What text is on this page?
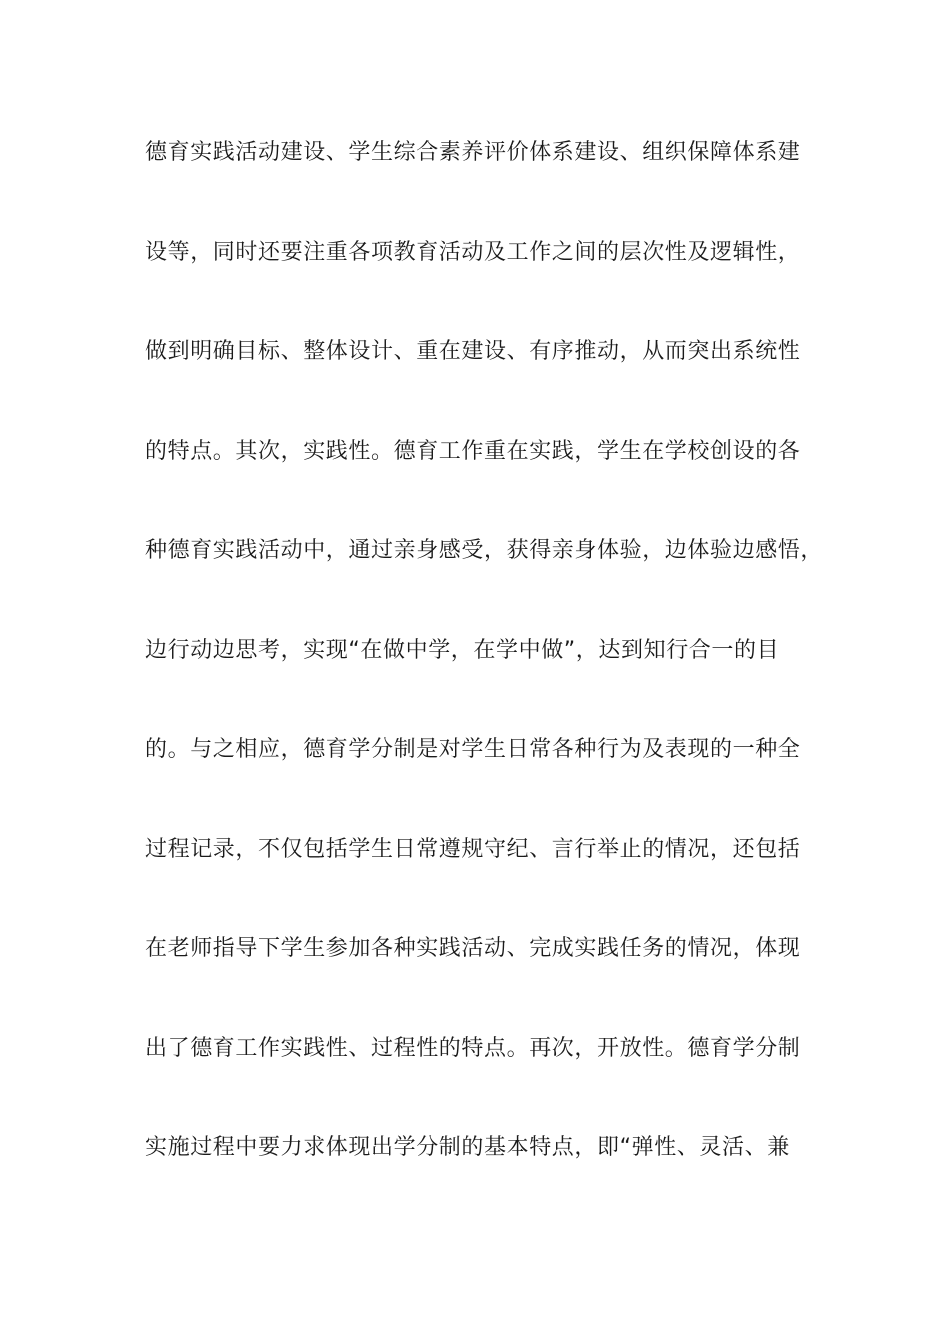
德育实践活动建设、学生综合素养评价体系建设、组织保障体系建
设等，同时还要注重各项教育活动及工作之间的层次性及逻辑性，
做到明确目标、整体设计、重在建设、有序推动，从而突出系统性
的特点。其次，实践性。德育工作重在实践，学生在学校创设的各
种德育实践活动中，通过亲身感受，获得亲身体验，边体验边感悟，
边行动边思考，实现“在做中学，在学中做”，达到知行合一的目
的。与之相应，德育学分制是对学生日常各种行为及表现的一种全
过程记录，不仅包括学生日常遵规守纪、言行举止的情况，还包括
在老师指导下学生参加各种实践活动、完成实践任务的情况，体现
出了德育工作实践性、过程性的特点。再次，开放性。德育学分制
实施过程中要力求体现出学分制的基本特点，即“弹性、灵活、兼
